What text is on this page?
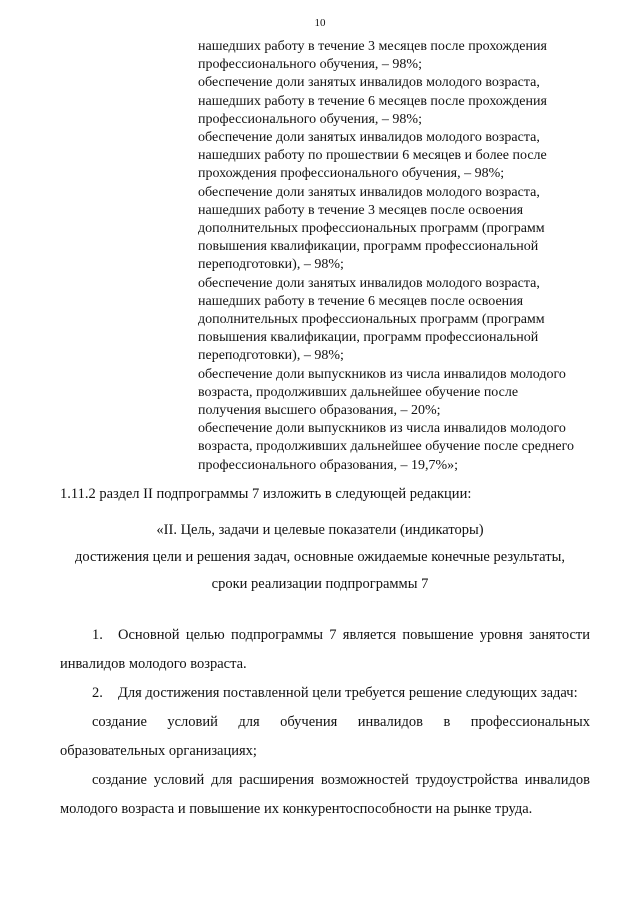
10

нашедших работу в течение 3 месяцев после прохождения профессионального обучения, – 98%;

обеспечение доли занятых инвалидов молодого возраста, нашедших работу в течение 6 месяцев после прохождения профессионального обучения, – 98%;

обеспечение доли занятых инвалидов молодого возраста, нашедших работу по прошествии 6 месяцев и более после прохождения профессионального обучения, – 98%;

обеспечение доли занятых инвалидов молодого возраста, нашедших работу в течение 3 месяцев после освоения дополнительных профессиональных программ (программ повышения квалификации, программ профессиональной переподготовки), – 98%;

обеспечение доли занятых инвалидов молодого возраста, нашедших работу в течение 6 месяцев после освоения дополнительных профессиональных программ (программ повышения квалификации, программ профессиональной переподготовки), – 98%;

обеспечение доли выпускников из числа инвалидов молодого возраста, продолживших дальнейшее обучение после получения высшего образования, – 20%;

обеспечение доли выпускников из числа инвалидов молодого возраста, продолживших дальнейшее обучение после среднего профессионального образования, – 19,7%»;

1.11.2 раздел II подпрограммы 7 изложить в следующей редакции:
«II. Цель, задачи и целевые показатели (индикаторы)
достижения цели и решения задач, основные ожидаемые конечные результаты,
сроки реализации подпрограммы 7

1. Основной целью подпрограммы 7 является повышение уровня занятости инвалидов молодого возраста.

2. Для достижения поставленной цели требуется решение следующих задач:

создание условий для обучения инвалидов в профессиональных образовательных организациях;

создание условий для расширения возможностей трудоустройства инвалидов молодого возраста и повышение их конкурентоспособности на рынке труда.
